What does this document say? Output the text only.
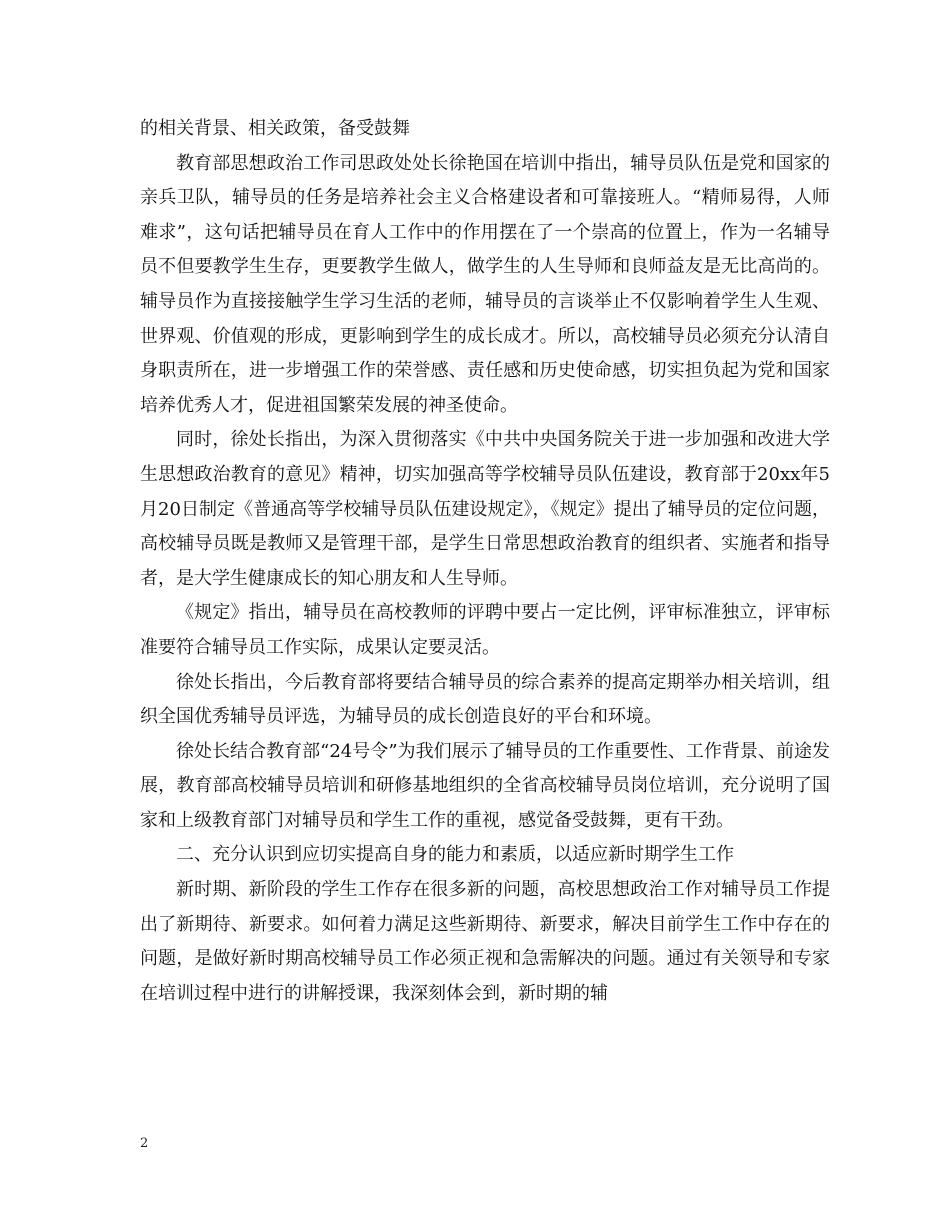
的相关背景、相关政策，备受鼓舞

教育部思想政治工作司思政处处长徐艳国在培训中指出，辅导员队伍是党和国家的亲兵卫队，辅导员的任务是培养社会主义合格建设者和可靠接班人。“精师易得，人师难求”，这句话把辅导员在育人工作中的作用摆在了一个崇高的位置上，作为一名辅导员不但要教学生生存，更要教学生做人，做学生的人生导师和良师益友是无比高尚的。辅导员作为直接接触学生学习生活的老师，辅导员的言谈举止不仅影响着学生人生观、世界观、价值观的形成，更影响到学生的成长成才。所以，高校辅导员必须充分认清自身职责所在，进一步增强工作的荣誉感、责任感和历史使命感，切实担负起为党和国家培养优秀人才，促进祖国繁荣发展的神圣使命。

同时，徐处长指出，为深入贯彻落实《中共中央国务院关于进一步加强和改进大学生思想政治教育的意见》精神，切实加强高等学校辅导员队伍建设，教育部于20xx年5月20日制定《普通高等学校辅导员队伍建设规定》，《规定》提出了辅导员的定位问题，高校辅导员既是教师又是管理干部，是学生日常思想政治教育的组织者、实施者和指导者，是大学生健康成长的知心朋友和人生导师。

《规定》指出，辅导员在高校教师的评聘中要占一定比例，评审标准独立，评审标准要符合辅导员工作实际，成果认定要灵活。

徐处长指出，今后教育部将要结合辅导员的综合素养的提高定期举办相关培训，组织全国优秀辅导员评选，为辅导员的成长创造良好的平台和环境。

徐处长结合教育部“24号令”为我们展示了辅导员的工作重要性、工作背景、前途发展，教育部高校辅导员培训和研修基地组织的全省高校辅导员岗位培训，充分说明了国家和上级教育部门对辅导员和学生工作的重视，感觉备受鼓舞，更有干劲。

二、充分认识到应切实提高自身的能力和素质，以适应新时期学生工作

新时期、新阶段的学生工作存在很多新的问题，高校思想政治工作对辅导员工作提出了新期待、新要求。如何着力满足这些新期待、新要求，解决目前学生工作中存在的问题，是做好新时期高校辅导员工作必须正视和急需解决的问题。通过有关领导和专家在培训过程中进行的讲解授课，我深刻体会到，新时期的辅

2
